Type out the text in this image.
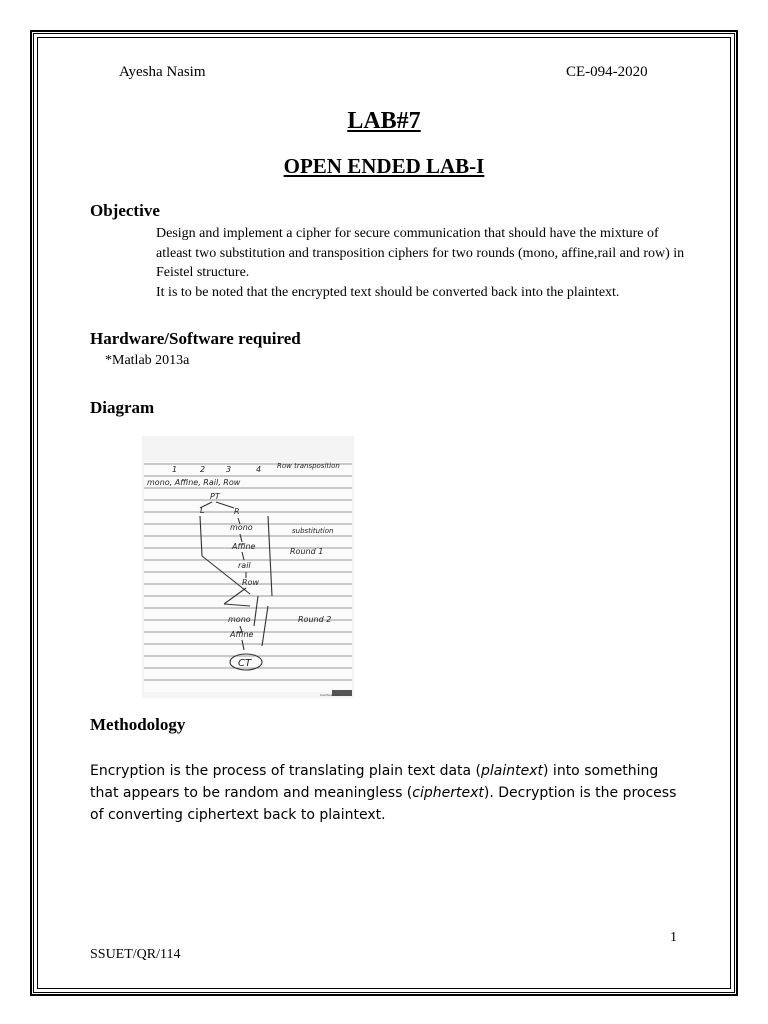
Ayesha Nasim	CE-094-2020
LAB#7
OPEN ENDED LAB-I
Objective
Design and implement a cipher for secure communication that should have the mixture of atleast two substitution and transposition ciphers for two rounds (mono, affine,rail and row) in Feistel structure.
It is to be noted that the encrypted text should be converted back into the plaintext.
Hardware/Software required
*Matlab 2013a
Diagram
mono, Affine, Rail, Row
1	2	3	4 Row transposition
PT
L	R
mono
Affine
rail
Row
substitution
Round 1
Round 2
mono
Affine
CT
CamScanner
Methodology
Encryption is the process of translating plain text data (plaintext) into something that appears to be random and meaningless (ciphertext). Decryption is the process of converting ciphertext back to plaintext.
1
SSUET/QR/114
